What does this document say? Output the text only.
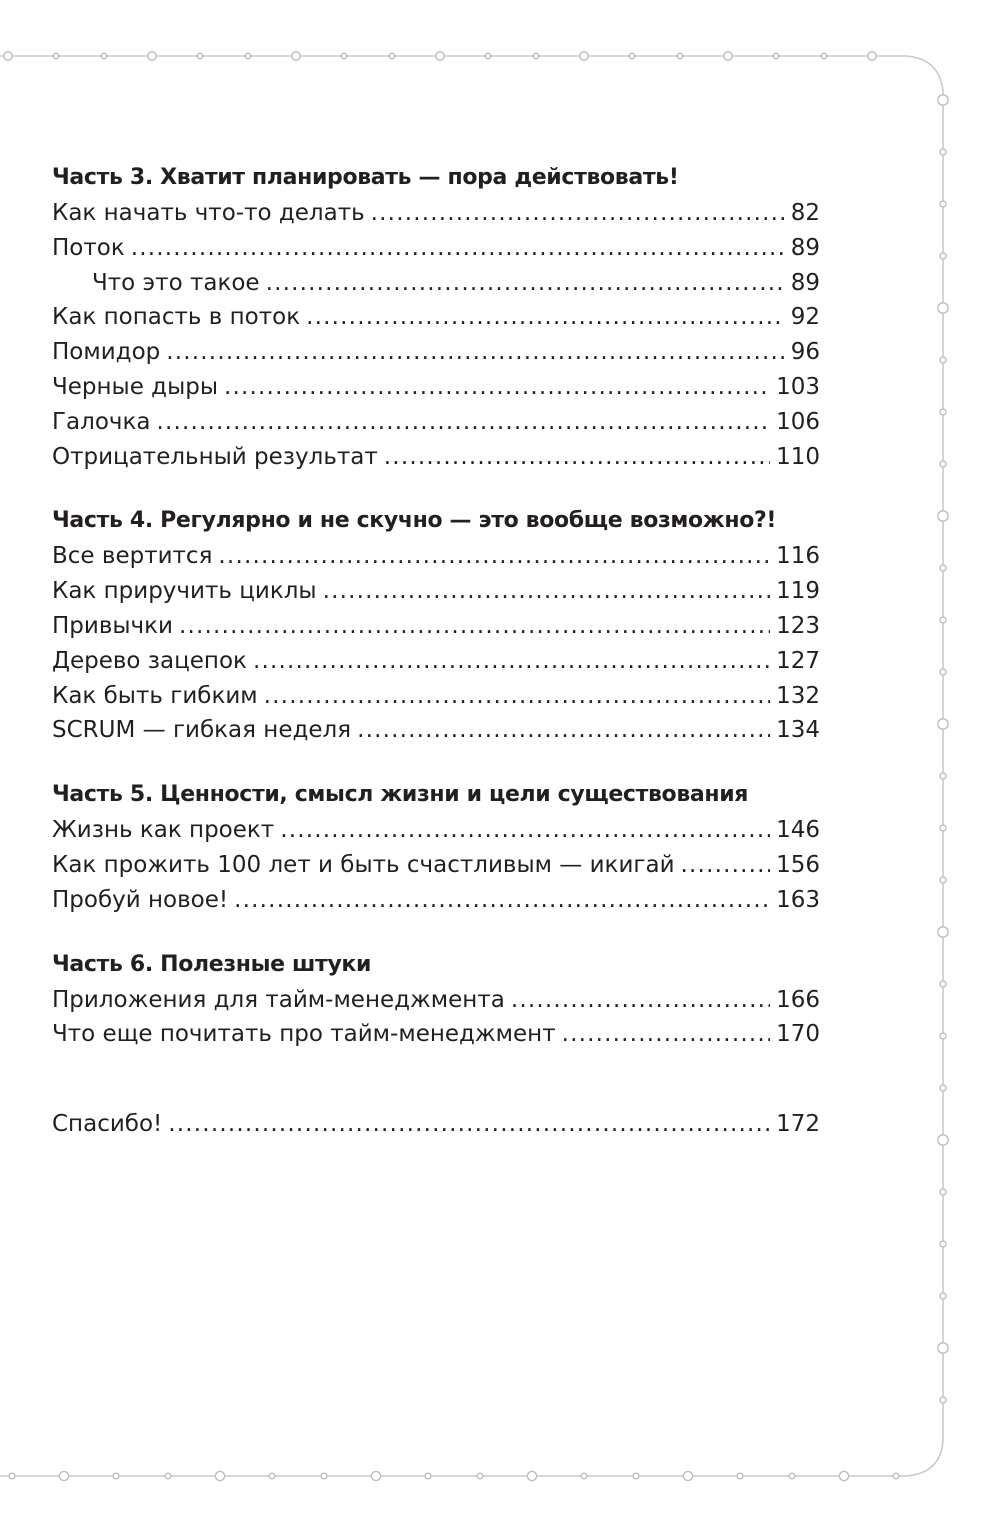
Часть 3. Хватит планировать — пора действовать!
Как начать что-то делать .....	82
Поток .....	89
Что это такое .....	89
Как попасть в поток .....	92
Помидор .....	96
Черные дыры .....	103
Галочка .....	106
Отрицательный результат .....	110
Часть 4. Регулярно и не скучно — это вообще возможно?!
Все вертится .....	116
Как приручить циклы .....	119
Привычки .....	123
Дерево зацепок .....	127
Как быть гибким .....	132
SCRUM — гибкая неделя .....	134
Часть 5. Ценности, смысл жизни и цели существования
Жизнь как проект .....	146
Как прожить 100 лет и быть счастливым — икигай .....	156
Пробуй новое! .....	163
Часть 6. Полезные штуки
Приложения для тайм-менеджмента .....	166
Что еще почитать про тайм-менеджмент .....	170
Спасибо! .....	172
